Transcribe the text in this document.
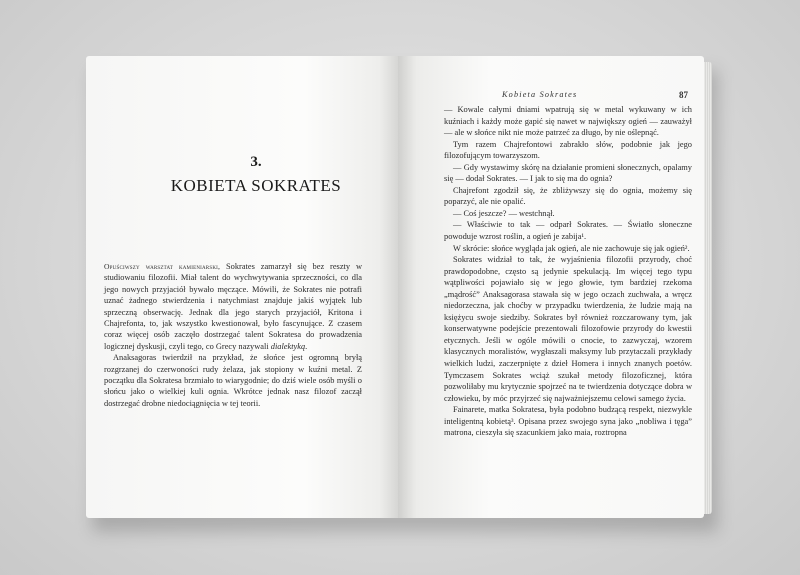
3.
KOBIETA SOKRATES

Opuściwszy warsztat kamieniarski, Sokrates zamarzył się bez reszty w studiowaniu filozofii. Miał talent do wychwytywania sprzeczności, co dla jego nowych przyjaciół bywało męczące. Mówili, że Sokrates nie potrafi uznać żadnego stwierdzenia i natychmiast znajduje jakiś wyjątek lub sprzeczną obserwację. Jednak dla jego starych przyjaciół, Kritona i Chajrefonta, to, jak wszystko kwestionował, było fascynujące. Z czasem coraz więcej osób zaczęło dostrzegać talent Sokratesa do prowadzenia logicznej dyskusji, czyli tego, co Grecy nazywali dialektyką.

Anaksagoras twierdził na przykład, że słońce jest ogromną bryłą rozgrzanej do czerwoności rudy żelaza, jak stopiony w kuźni metal. Z początku dla Sokratesa brzmiało to wiarygodnie; do dziś wiele osób myśli o słońcu jako o wielkiej kuli ognia. Wkrótce jednak nasz filozof zaczął dostrzegać drobne niedociągnięcia w tej teorii.

Kobieta Sokrates	87

— Kowale całymi dniami wpatrują się w metal wykuwany w ich kuźniach i każdy może gapić się nawet w największy ogień — zauważył — ale w słońce nikt nie może patrzeć za długo, by nie oślepnąć.

Tym razem Chajrefontowi zabrakło słów, podobnie jak jego filozofującym towarzyszom.

— Gdy wystawimy skórę na działanie promieni słonecznych, opalamy się — dodał Sokrates. — I jak to się ma do ognia?

Chajrefont zgodził się, że zbliżywszy się do ognia, możemy się poparzyć, ale nie opalić.

— Coś jeszcze? — westchnął.

— Właściwie to tak — odparł Sokrates. — Światło słoneczne powoduje wzrost roślin, a ogień je zabija¹.

W skrócie: słońce wygląda jak ogień, ale nie zachowuje się jak ogień².

Sokrates widział to tak, że wyjaśnienia filozofii przyrody, choć prawdopodobne, często są jedynie spekulacją. Im więcej tego typu wątpliwości pojawiało się w jego głowie, tym bardziej rzekoma „mądrość” Anaksagorasa stawała się w jego oczach zuchwała, a wręcz niedorzeczna, jak choćby w przypadku twierdzenia, że ludzie mają na księżycu swoje siedziby. Sokrates był również rozczarowany tym, jak konserwatywne podejście prezentowali filozofowie przyrody do kwestii etycznych. Jeśli w ogóle mówili o cnocie, to zazwyczaj, wzorem klasycznych moralistów, wygłaszali maksymy lub przytaczali przykłady wielkich ludzi, zaczerpnięte z dzieł Homera i innych znanych poetów. Tymczasem Sokrates wciąż szukał metody filozoficznej, która pozwoliłaby mu krytycznie spojrzeć na te twierdzenia dotyczące dobra w człowieku, by móc przyjrzeć się najważniejszemu celowi samego życia.

Fainarete, matka Sokratesa, była podobno budzącą respekt, niezwykle inteligentną kobietą³. Opisana przez swojego syna jako „nobliwa i tęga” matrona, cieszyła się szacunkiem jako maia, roztropna
